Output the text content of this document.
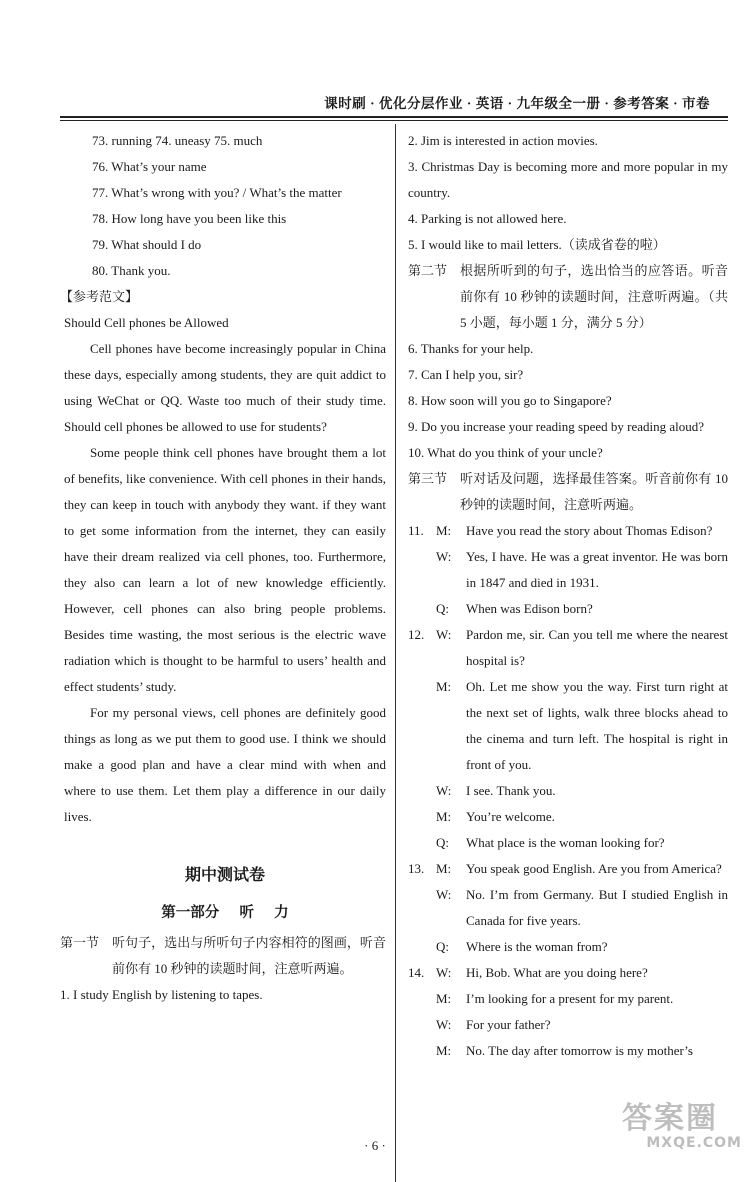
课时刷 · 优化分层作业 · 英语 · 九年级全一册 · 参考答案 · 市卷
73. running 74. uneasy 75. much
76. What’s your name
77. What’s wrong with you? / What’s the matter
78. How long have you been like this
79. What should I do
80. Thank you.
【参考范文】
Should Cell phones be Allowed

Cell phones have become increasingly popular in China these days, especially among students, they are quit addict to using WeChat or QQ. Waste too much of their study time. Should cell phones be allowed to use for students?

Some people think cell phones have brought them a lot of benefits, like convenience. With cell phones in their hands, they can keep in touch with anybody they want. if they want to get some information from the internet, they can easily have their dream realized via cell phones, too. Furthermore, they also can learn a lot of new knowledge efficiently. However, cell phones can also bring people problems. Besides time wasting, the most serious is the electric wave radiation which is thought to be harmful to users’ health and effect students’ study.

For my personal views, cell phones are definitely good things as long as we put them to good use. I think we should make a good plan and have a clear mind with when and where to use them. Let them play a difference in our daily lives.

期中测试卷
第一部分    听    力
第一节 听句子，选出与所听句子内容相符的图画，听音前你有 10 秒钟的读题时间，注意听两遍。
1. I study English by listening to tapes.

2. Jim is interested in action movies.

3. Christmas Day is becoming more and more popular in my country.

4. Parking is not allowed here.

5. I would like to mail letters.（读成省卷的啦）

第二节 根据所听到的句子，选出恰当的应答语。听音前你有 10 秒钟的读题时间，注意听两遍。（共 5 小题，每小题 1 分，满分 5 分）

6. Thanks for your help.

7. Can I help you, sir?

8. How soon will you go to Singapore?

9. Do you increase your reading speed by reading aloud?

10. What do you think of your uncle?

第三节 听对话及问题，选择最佳答案。听音前你有 10 秒钟的读题时间，注意听两遍。
11. M:	Have you read the story about Thomas Edison?
W:	Yes, I have. He was a great inventor. He was born in 1847 and died in 1931.
Q:	When was Edison born?
12. W:	Pardon me, sir. Can you tell me where the nearest hospital is?
M:	Oh. Let me show you the way. First turn right at the next set of lights, walk three blocks ahead to the cinema and turn left. The hospital is right in front of you.
W:	I see. Thank you.
M:	You’re welcome.
Q:	What place is the woman looking for?
13. M:	You speak good English. Are you from America?
W:	No. I’m from Germany. But I studied English in Canada for five years.
Q:	Where is the woman from?
14. W:	Hi, Bob. What are you doing here?
M:	I’m looking for a present for my parent.
W:	For your father?
M:	No. The day after tomorrow is my mother’s
· 6 ·
答案圈
MXQE.COM
